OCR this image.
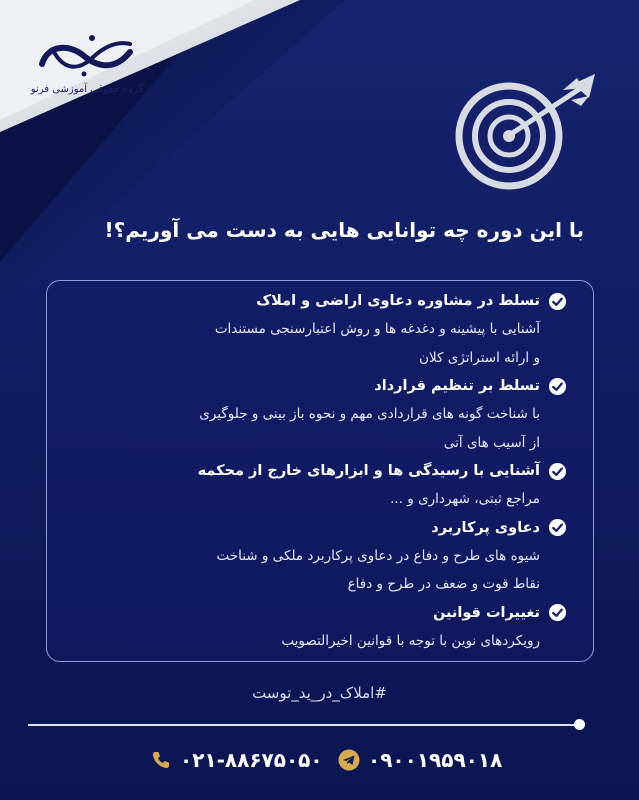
گروه حقوقی آموزشی فرنو
با این دوره چه توانایی هایی به دست می آوریم؟!
تسلط در مشاوره دعاوی اراضی و املاک
آشنایی با پیشینه و دغدغه ها و روش اعتبارسنجی مستندات
و ارائه استراتژی کلان
تسلط بر تنظیم قرارداد
با شناخت گونه های قراردادی مهم و نحوه باز بینی و جلوگیری
از آسیب های آتی
آشنایی با رسیدگی ها و ابزارهای خارج از محکمه
مراجع ثبتی، شهرداری و ...
دعاوی پرکاربرد
شیوه های طرح و دفاع در دعاوی پرکاربرد ملکی و شناخت
نقاط قوت و ضعف در طرح و دفاع
تغییرات قوانین
رویکردهای نوین با توجه با قوانین اخیرالتصویب
#املاک_در_ید_توست
۰۹۰۰۱۹۵۹۰۱۸
۰۲۱-۸۸۶۷۵۰۵۰
